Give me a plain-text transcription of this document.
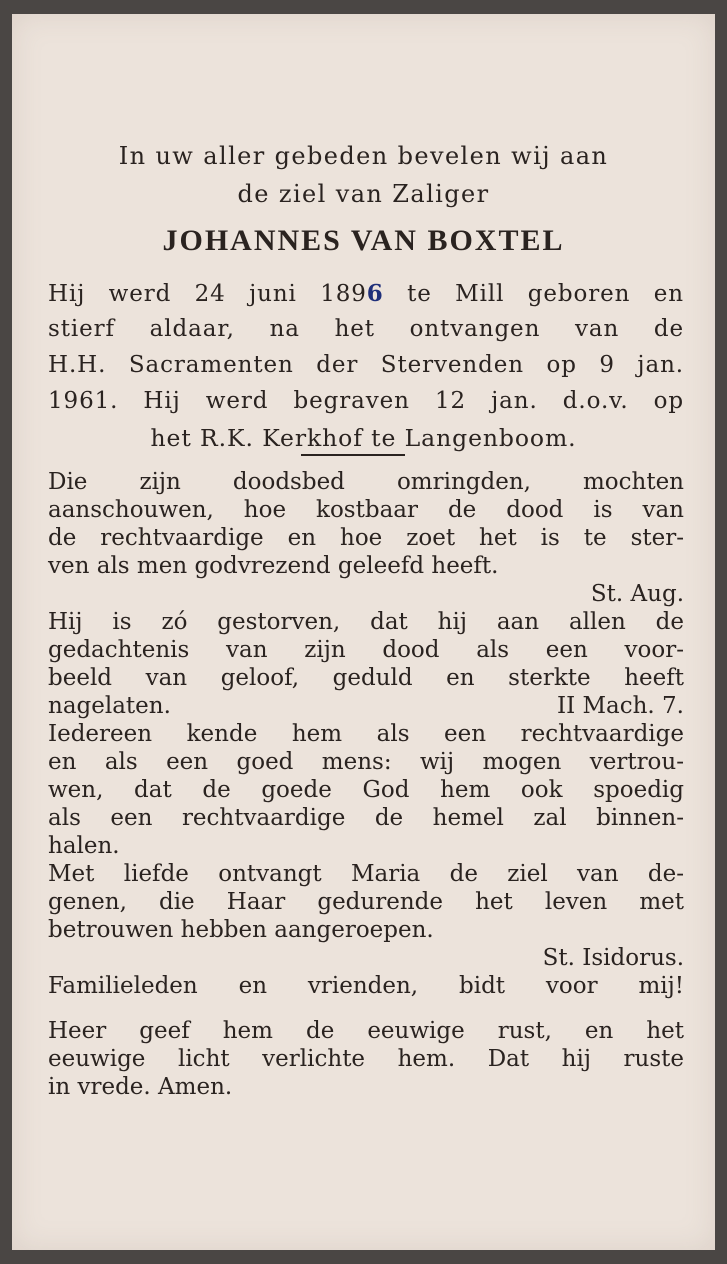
In uw aller gebeden bevelen wij aan
de ziel van Zaliger
JOHANNES VAN BOXTEL
Hij werd 24 juni 1896 te Mill geboren en
stierf aldaar, na het ontvangen van de
H.H. Sacramenten der Stervenden op 9 jan.
1961. Hij werd begraven 12 jan. d.o.v. op
het R.K. Kerkhof te Langenboom.
Die zijn doodsbed omringden, mochten
aanschouwen, hoe kostbaar de dood is van
de rechtvaardige en hoe zoet het is te ster-
ven als men godvrezend geleefd heeft.
St. Aug.
Hij is zó gestorven, dat hij aan allen de
gedachtenis van zijn dood als een voor-
beeld van geloof, geduld en sterkte heeft
nagelaten.	II Mach. 7.
Iedereen kende hem als een rechtvaardige
en als een goed mens: wij mogen vertrou-
wen, dat de goede God hem ook spoedig
als een rechtvaardige de hemel zal binnen-
halen.
Met liefde ontvangt Maria de ziel van de-
genen, die Haar gedurende het leven met
betrouwen hebben aangeroepen.
St. Isidorus.
Familieleden en vrienden, bidt voor mij!
Heer geef hem de eeuwige rust, en het
eeuwige licht verlichte hem. Dat hij ruste
in vrede. Amen.
